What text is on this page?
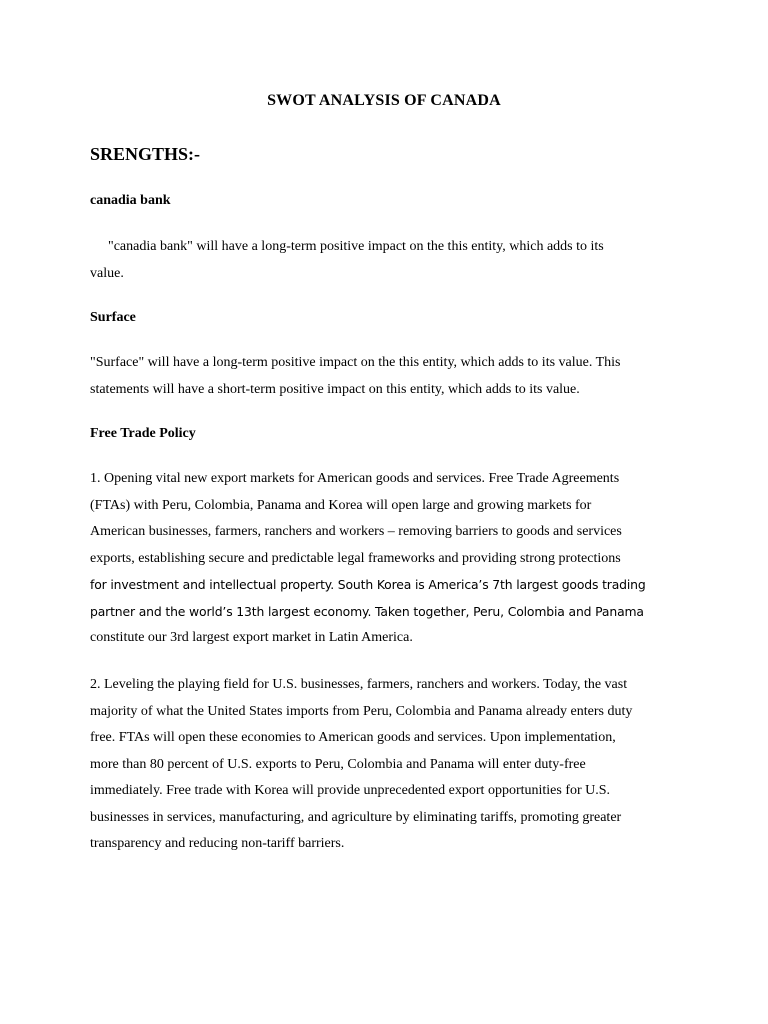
SWOT ANALYSIS OF CANADA
SRENGTHS:-
canadia bank

"canadia bank" will have a long-term positive impact on the this entity, which adds to its
value.

Surface

"Surface" will have a long-term positive impact on the this entity, which adds to its value. This
statements will have a short-term positive impact on this entity, which adds to its value.

Free Trade Policy

1. Opening vital new export markets for American goods and services. Free Trade Agreements
(FTAs) with Peru, Colombia, Panama and Korea will open large and growing markets for
American businesses, farmers, ranchers and workers – removing barriers to goods and services
exports, establishing secure and predictable legal frameworks and providing strong protections
for investment and intellectual property. South Korea is America’s 7th largest goods trading
partner and the world’s 13th largest economy. Taken together, Peru, Colombia and Panama
constitute our 3rd largest export market in Latin America.

2. Leveling the playing field for U.S. businesses, farmers, ranchers and workers. Today, the vast
majority of what the United States imports from Peru, Colombia and Panama already enters duty
free. FTAs will open these economies to American goods and services. Upon implementation,
more than 80 percent of U.S. exports to Peru, Colombia and Panama will enter duty-free
immediately. Free trade with Korea will provide unprecedented export opportunities for U.S.
businesses in services, manufacturing, and agriculture by eliminating tariffs, promoting greater
transparency and reducing non-tariff barriers.
